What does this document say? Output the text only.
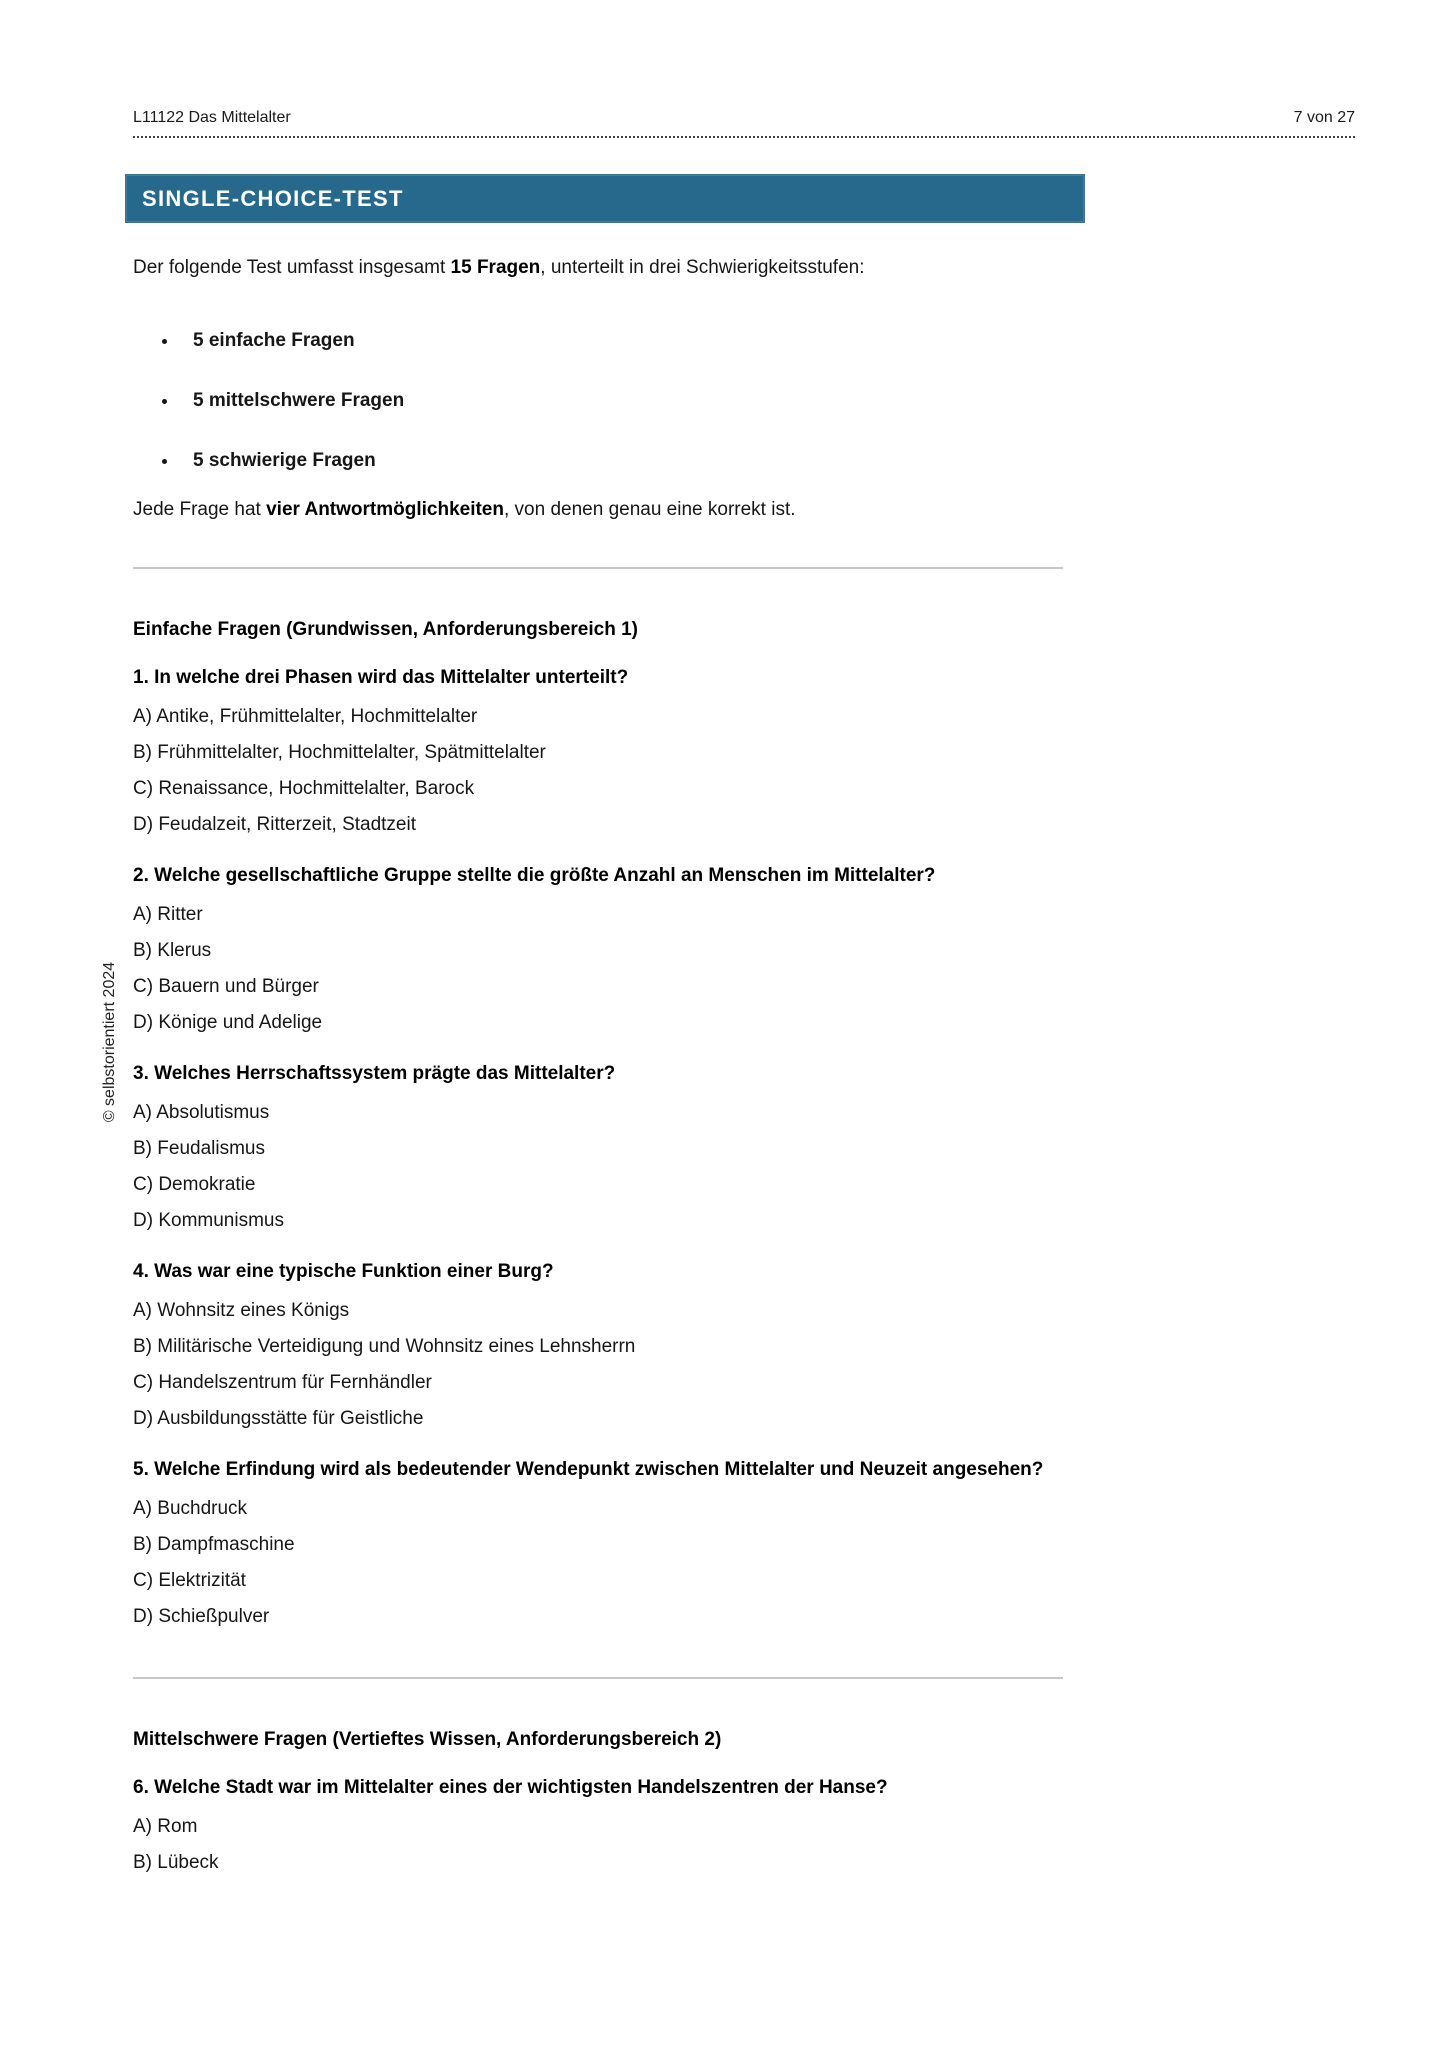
L11122 Das Mittelalter	7 von 27
SINGLE-CHOICE-TEST
© selbstorientiert 2024

Der folgende Test umfasst insgesamt 15 Fragen, unterteilt in drei Schwierigkeitsstufen:

• 5 einfache Fragen
• 5 mittelschwere Fragen
• 5 schwierige Fragen

Jede Frage hat vier Antwortmöglichkeiten, von denen genau eine korrekt ist.

Einfache Fragen (Grundwissen, Anforderungsbereich 1)
1. In welche drei Phasen wird das Mittelalter unterteilt?
A) Antike, Frühmittelalter, Hochmittelalter
B) Frühmittelalter, Hochmittelalter, Spätmittelalter
C) Renaissance, Hochmittelalter, Barock
D) Feudalzeit, Ritterzeit, Stadtzeit
2. Welche gesellschaftliche Gruppe stellte die größte Anzahl an Menschen im Mittelalter?
A) Ritter
B) Klerus
C) Bauern und Bürger
D) Könige und Adelige
3. Welches Herrschaftssystem prägte das Mittelalter?
A) Absolutismus
B) Feudalismus
C) Demokratie
D) Kommunismus
4. Was war eine typische Funktion einer Burg?
A) Wohnsitz eines Königs
B) Militärische Verteidigung und Wohnsitz eines Lehnsherrn
C) Handelszentrum für Fernhändler
D) Ausbildungsstätte für Geistliche
5. Welche Erfindung wird als bedeutender Wendepunkt zwischen Mittelalter und Neuzeit angesehen?
A) Buchdruck
B) Dampfmaschine
C) Elektrizität
D) Schießpulver
Mittelschwere Fragen (Vertieftes Wissen, Anforderungsbereich 2)
6. Welche Stadt war im Mittelalter eines der wichtigsten Handelszentren der Hanse?
A) Rom
B) Lübeck
